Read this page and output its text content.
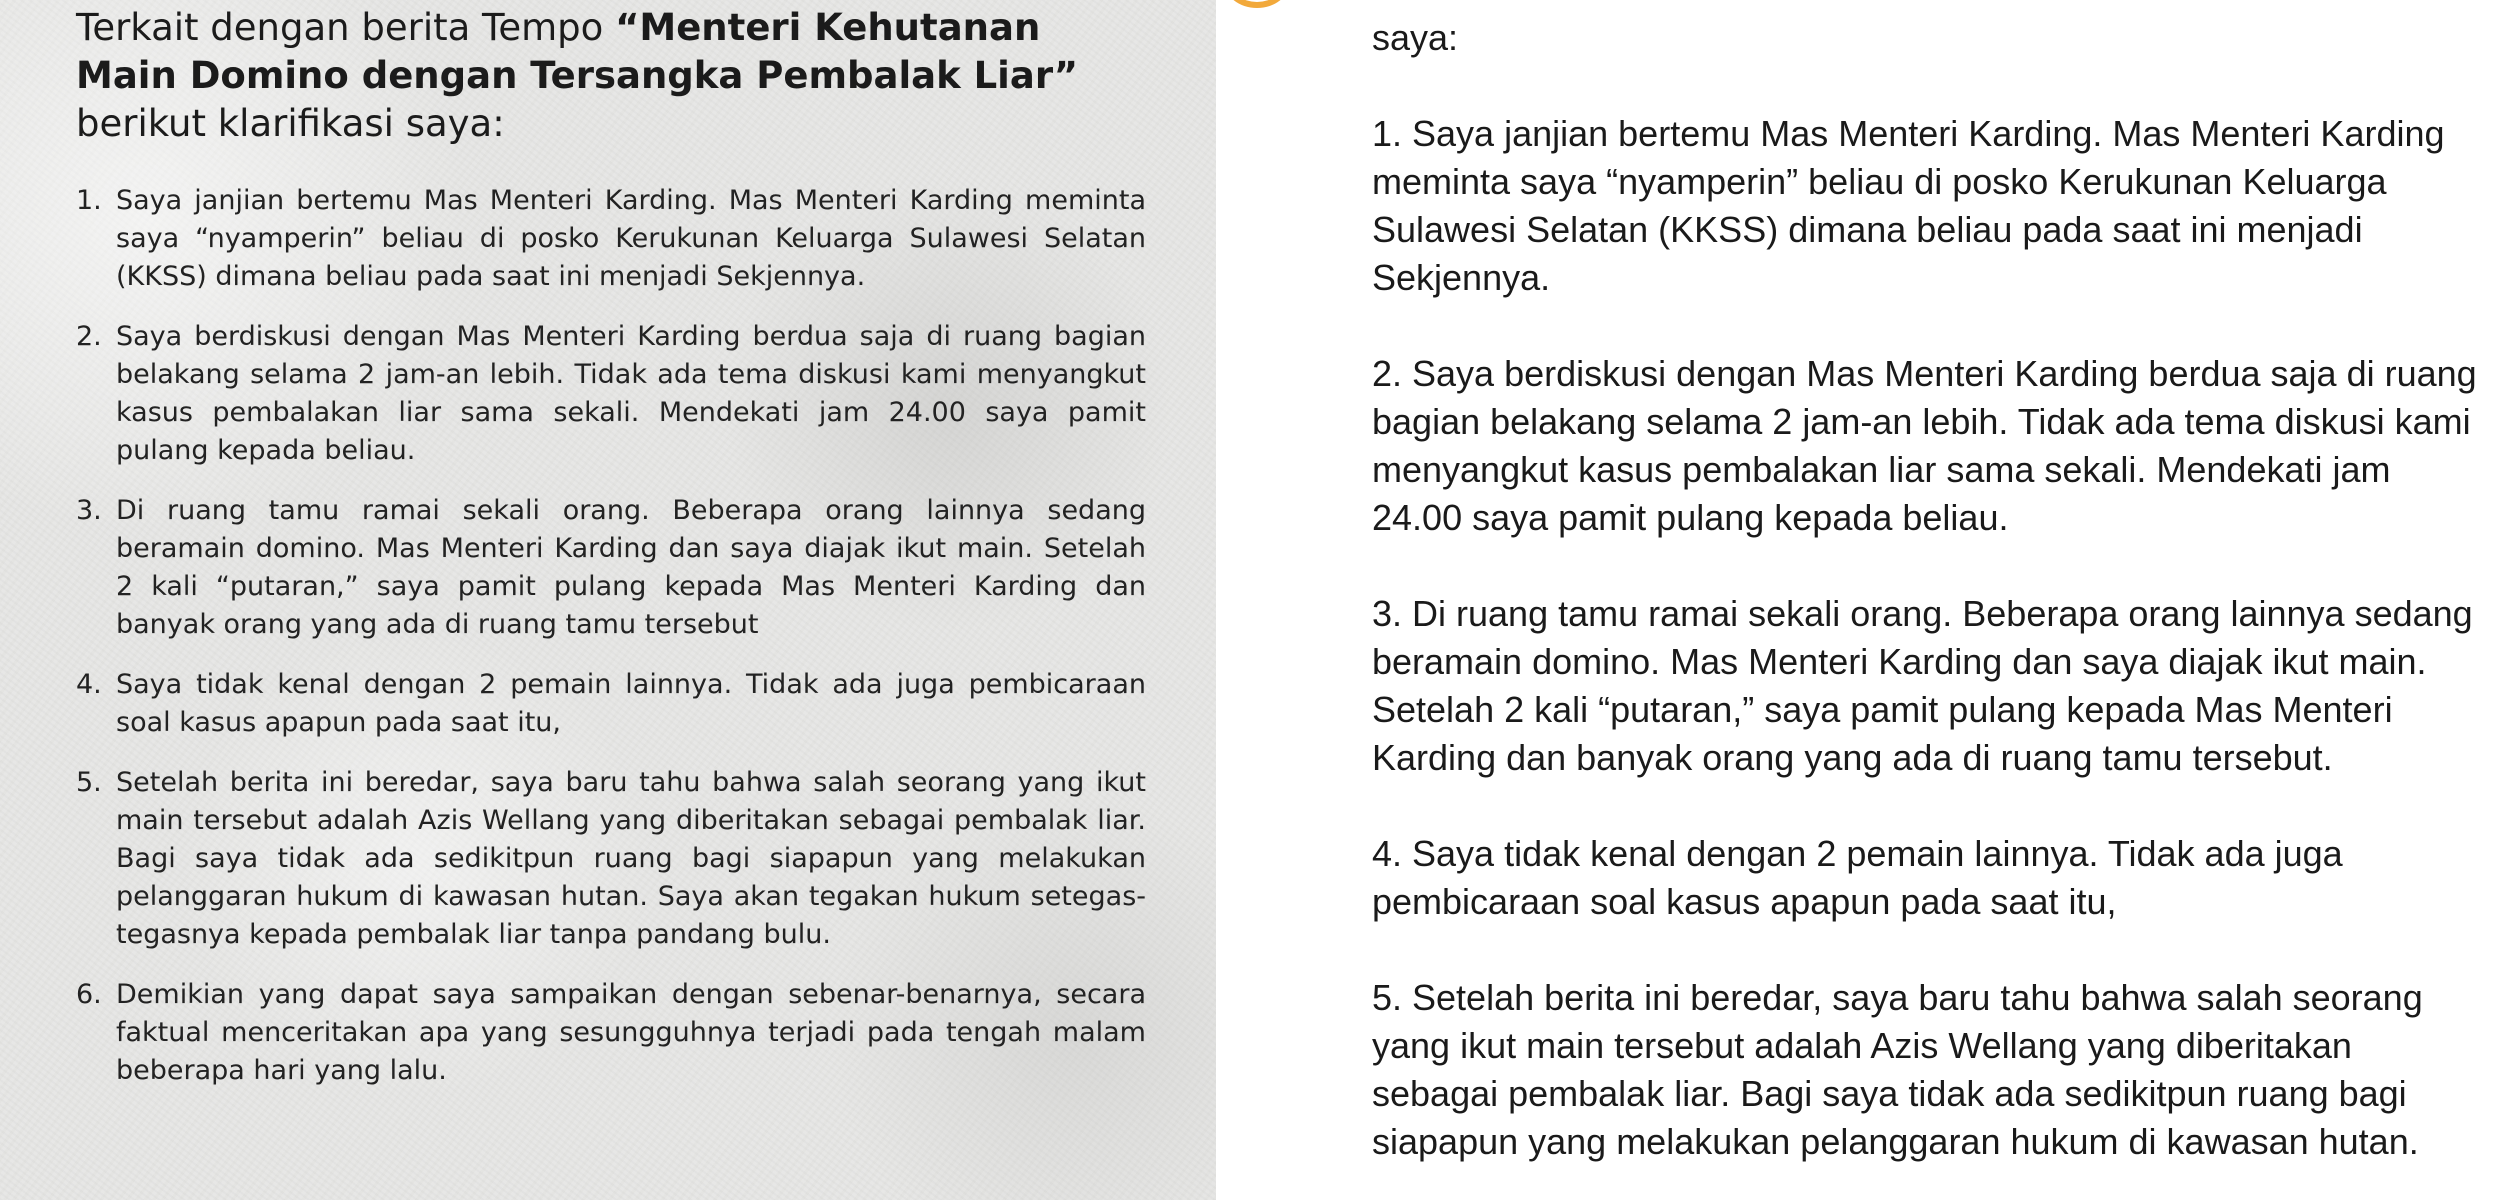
Terkait dengan berita Tempo “Menteri Kehutanan Main Domino dengan Tersangka Pembalak Liar” berikut klarifikasi saya:
1. Saya janjian bertemu Mas Menteri Karding. Mas Menteri Karding meminta saya “nyamperin” beliau di posko Kerukunan Keluarga Sulawesi Selatan (KKSS) dimana beliau pada saat ini menjadi Sekjennya.
2. Saya berdiskusi dengan Mas Menteri Karding berdua saja di ruang bagian belakang selama 2 jam-an lebih. Tidak ada tema diskusi kami menyangkut kasus pembalakan liar sama sekali. Mendekati jam 24.00 saya pamit pulang kepada beliau.
3. Di ruang tamu ramai sekali orang. Beberapa orang lainnya sedang beramain domino. Mas Menteri Karding dan saya diajak ikut main. Setelah 2 kali “putaran,” saya pamit pulang kepada Mas Menteri Karding dan banyak orang yang ada di ruang tamu tersebut
4. Saya tidak kenal dengan 2 pemain lainnya. Tidak ada juga pembicaraan soal kasus apapun pada saat itu,
5. Setelah berita ini beredar, saya baru tahu bahwa salah seorang yang ikut main tersebut adalah Azis Wellang yang diberitakan sebagai pembalak liar. Bagi saya tidak ada sedikitpun ruang bagi siapapun yang melakukan pelanggaran hukum di kawasan hutan. Saya akan tegakan hukum setegas-tegasnya kepada pembalak liar tanpa pandang bulu.
6. Demikian yang dapat saya sampaikan dengan sebenar-benarnya, secara faktual menceritakan apa yang sesungguhnya terjadi pada tengah malam beberapa hari yang lalu.

saya:

1. Saya janjian bertemu Mas Menteri Karding. Mas Menteri Karding meminta saya “nyamperin” beliau di posko Kerukunan Keluarga Sulawesi Selatan (KKSS) dimana beliau pada saat ini menjadi Sekjennya.
2. Saya berdiskusi dengan Mas Menteri Karding berdua saja di ruang bagian belakang selama 2 jam-an lebih. Tidak ada tema diskusi kami menyangkut kasus pembalakan liar sama sekali. Mendekati jam 24.00 saya pamit pulang kepada beliau.
3. Di ruang tamu ramai sekali orang. Beberapa orang lainnya sedang beramain domino. Mas Menteri Karding dan saya diajak ikut main. Setelah 2 kali “putaran,” saya pamit pulang kepada Mas Menteri Karding dan banyak orang yang ada di ruang tamu tersebut.
4. Saya tidak kenal dengan 2 pemain lainnya. Tidak ada juga pembicaraan soal kasus apapun pada saat itu,
5. Setelah berita ini beredar, saya baru tahu bahwa salah seorang yang ikut main tersebut adalah Azis Wellang yang diberitakan sebagai pembalak liar. Bagi saya tidak ada sedikitpun ruang bagi siapapun yang melakukan pelanggaran hukum di kawasan hutan.
